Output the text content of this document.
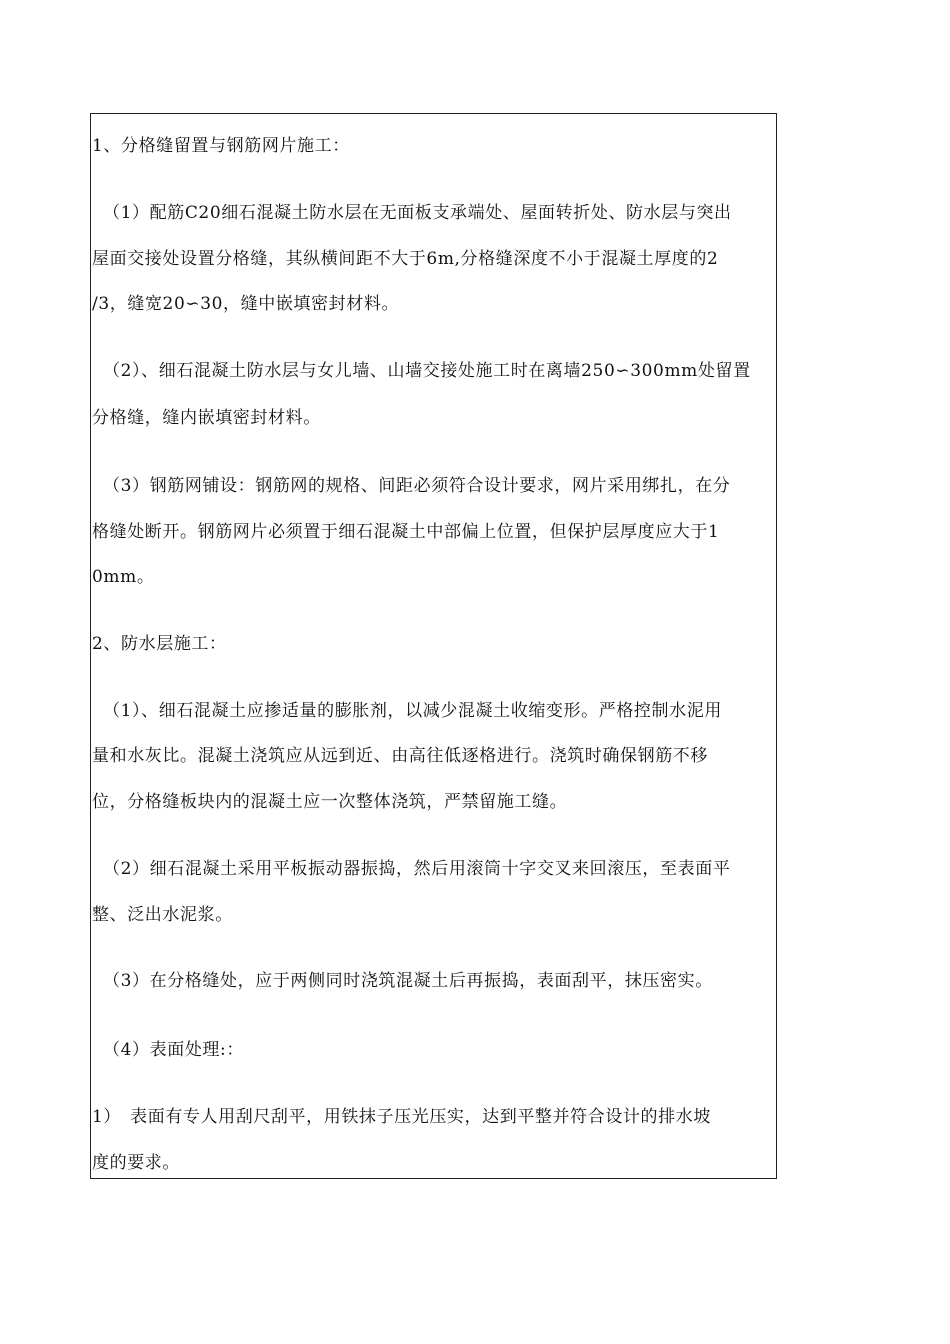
1、分格缝留置与钢筋网片施工：
（1）配筋C20细石混凝土防水层在无面板支承端处、屋面转折处、防水层与突出
屋面交接处设置分格缝，其纵横间距不大于6m,分格缝深度不小于混凝土厚度的2
/3，缝宽20∽30，缝中嵌填密封材料。
（2）、细石混凝土防水层与女儿墙、山墙交接处施工时在离墙250∽300mm处留置
分格缝，缝内嵌填密封材料。
（3）钢筋网铺设：钢筋网的规格、间距必须符合设计要求，网片采用绑扎，在分
格缝处断开。钢筋网片必须置于细石混凝土中部偏上位置，但保护层厚度应大于1
0mm。
2、防水层施工：
（1）、细石混凝土应掺适量的膨胀剂，以减少混凝土收缩变形。严格控制水泥用
量和水灰比。混凝土浇筑应从远到近、由高往低逐格进行。浇筑时确保钢筋不移
位，分格缝板块内的混凝土应一次整体浇筑，严禁留施工缝。
（2）细石混凝土采用平板振动器振捣，然后用滚筒十字交叉来回滚压，至表面平
整、泛出水泥浆。
（3）在分格缝处，应于两侧同时浇筑混凝土后再振捣，表面刮平，抹压密实。
（4）表面处理:：
1）　表面有专人用刮尺刮平，用铁抹子压光压实，达到平整并符合设计的排水坡
度的要求。
